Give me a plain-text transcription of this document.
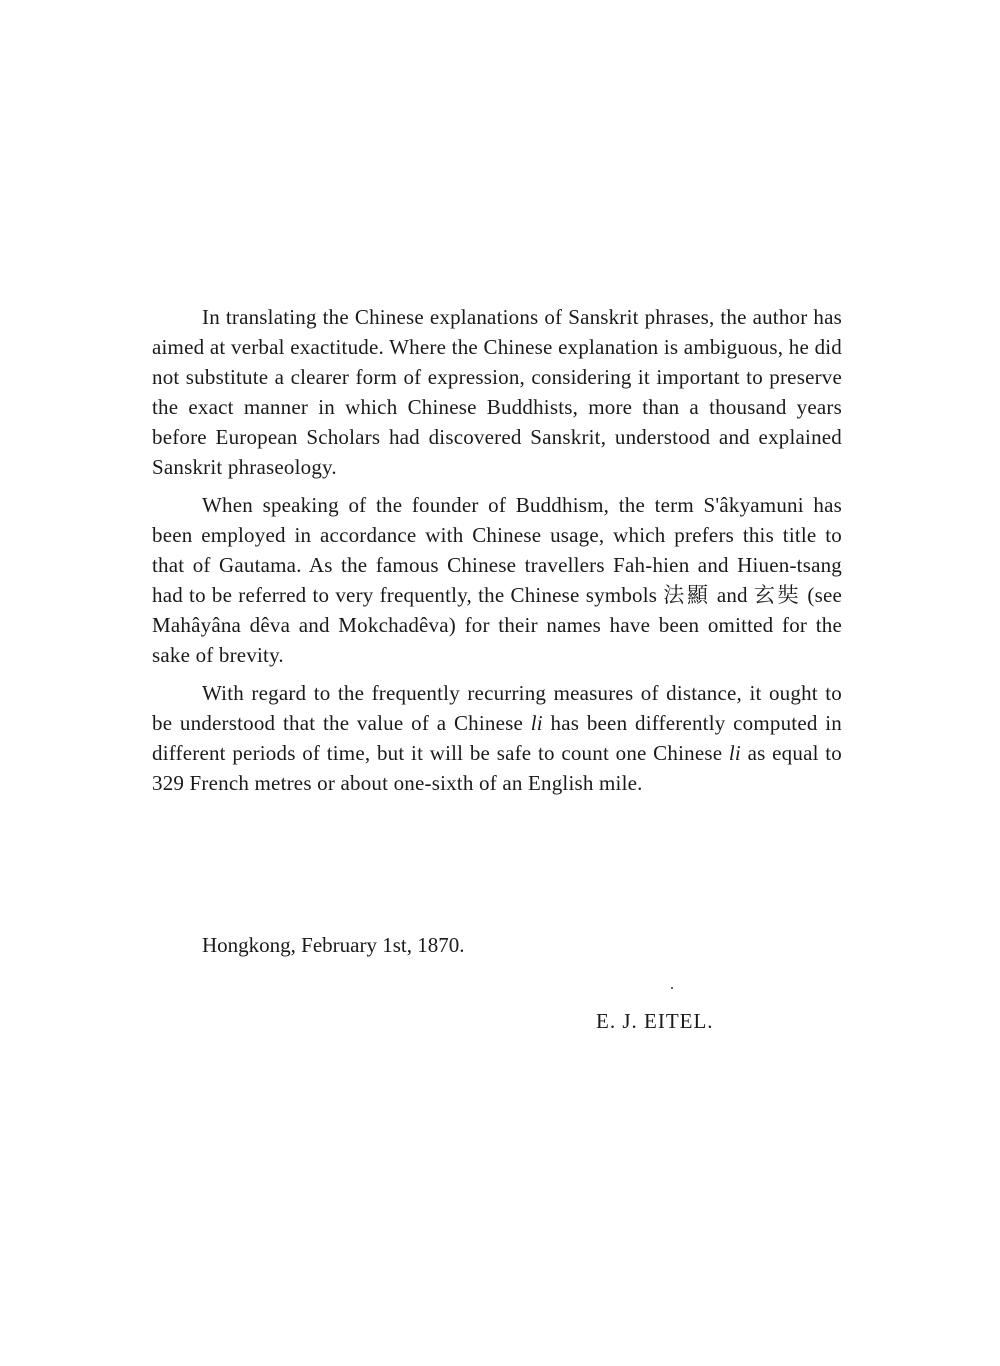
In translating the Chinese explanations of Sanskrit phrases, the author has aimed at verbal exactitude. Where the Chinese explanation is ambiguous, he did not substitute a clearer form of expression, considering it important to preserve the exact manner in which Chinese Buddhists, more than a thousand years before European Scholars had discovered Sanskrit, understood and explained Sanskrit phraseology.

When speaking of the founder of Buddhism, the term S'âkyamuni has been employed in accordance with Chinese usage, which prefers this title to that of Gautama. As the famous Chinese travellers Fah-hien and Hiuen-tsang had to be referred to very frequently, the Chinese symbols 法顯 and 玄奘 (see Mahâyâna dêva and Mokchadêva) for their names have been omitted for the sake of brevity.

With regard to the frequently recurring measures of distance, it ought to be understood that the value of a Chinese li has been differently computed in different periods of time, but it will be safe to count one Chinese li as equal to 329 French metres or about one-sixth of an English mile.

Hongkong, February 1st, 1870.
E. J. EITEL.
